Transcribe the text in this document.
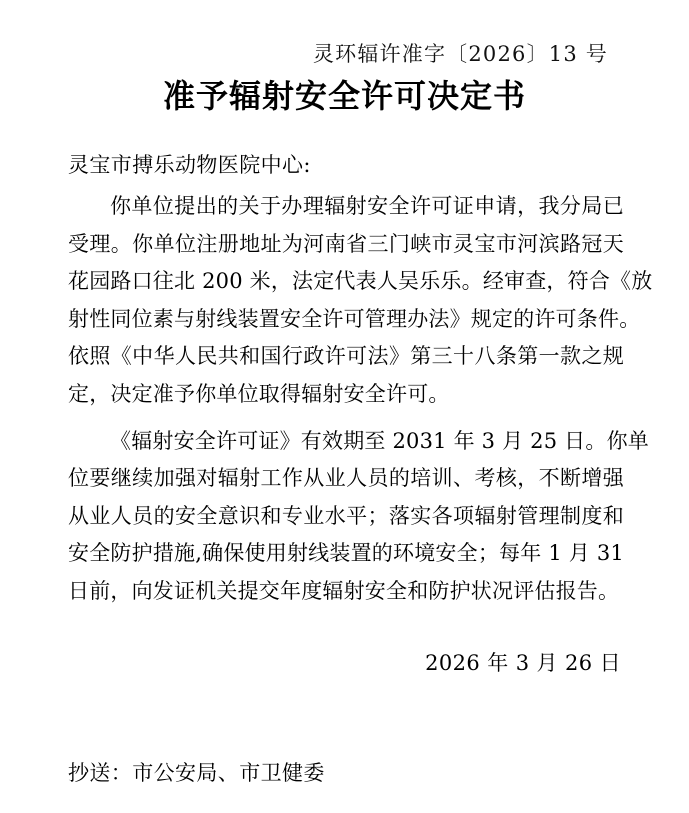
灵环辐许准字〔2026〕13 号
准予辐射安全许可决定书

灵宝市搏乐动物医院中心:

你单位提出的关于办理辐射安全许可证申请，我分局已
受理。你单位注册地址为河南省三门峡市灵宝市河滨路冠天
花园路口往北 200 米，法定代表人吴乐乐。经审查，符合《放
射性同位素与射线装置安全许可管理办法》规定的许可条件。
依照《中华人民共和国行政许可法》第三十八条第一款之规
定，决定准予你单位取得辐射安全许可。

《辐射安全许可证》有效期至 2031 年 3 月 25 日。你单
位要继续加强对辐射工作从业人员的培训、考核，不断增强
从业人员的安全意识和专业水平；落实各项辐射管理制度和
安全防护措施,确保使用射线装置的环境安全；每年 1 月 31
日前，向发证机关提交年度辐射安全和防护状况评估报告。

2026 年 3 月 26 日
抄送：市公安局、市卫健委
